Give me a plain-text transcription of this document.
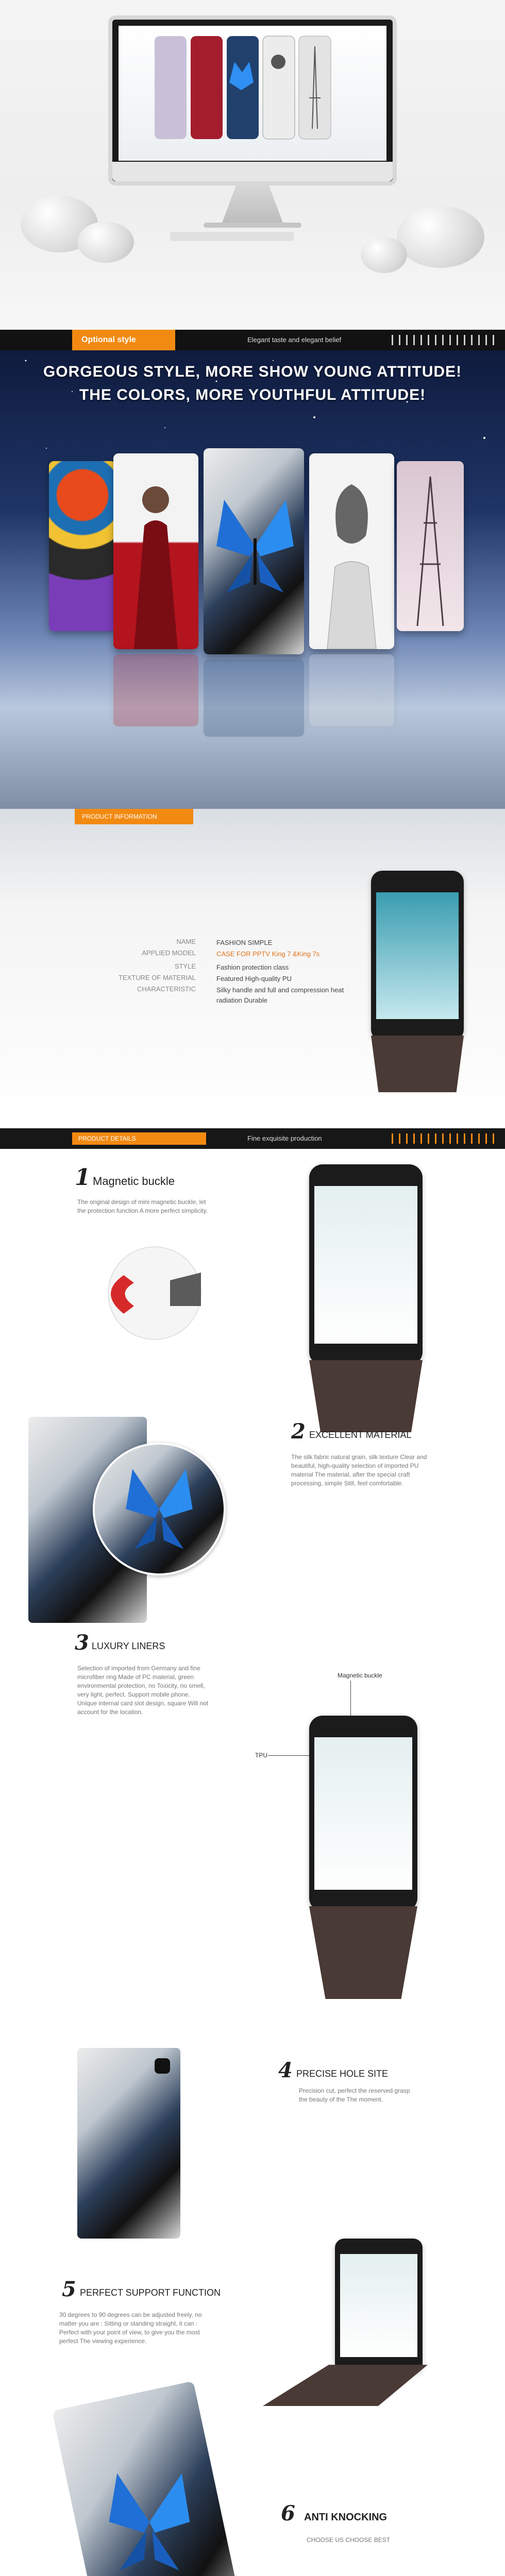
Optional style	Elegant taste and elegant belief
GORGEOUS STYLE, MORE SHOW YOUNG ATTITUDE!
THE COLORS, MORE YOUTHFUL ATTITUDE!
PRODUCT INFORMATION
NAME	FASHION SIMPLE
APPLIED MODEL	CASE FOR PPTV King 7 &King 7s
STYLE	Fashion protection class
TEXTURE OF MATERIAL	Featured High-quality PU
CHARACTERISTIC	Silky handle and full and compression heat radiation Durable
PRODUCT DETAILS	Fine exquisite production
1 Magnetic buckle
The original design of mini magnetic buckle, let the protection function A more perfect simplicity.
2 EXCELLENT MATERIAL
The silk fabric natural grain, silk texture Clear and beautiful, high-quality selection of imported PU material The material, after the special craft processing, simple Still, feel comfortable.
3 LUXURY LINERS
Selection of imported from Germany and fine microfiber ring Made of PC material, green environmental protection, no Toxicity, no smell, very light, perfect. Support mobile phone. Unique internal card slot design, square Will not account for the location.
Magnetic buckle
TPU
4 PRECISE HOLE SITE
Precision cut, perfect the reserved grasp the beauty of the The moment.
5 PERFECT SUPPORT FUNCTION
30 degrees to 90 degrees can be adjusted freely, no matter you are : Sitting or standing straight, it can : Perfect with your point of view, to give you the most perfect The viewing experience.
6 ANTI KNOCKING
CHOOSE US CHOOSE BEST
